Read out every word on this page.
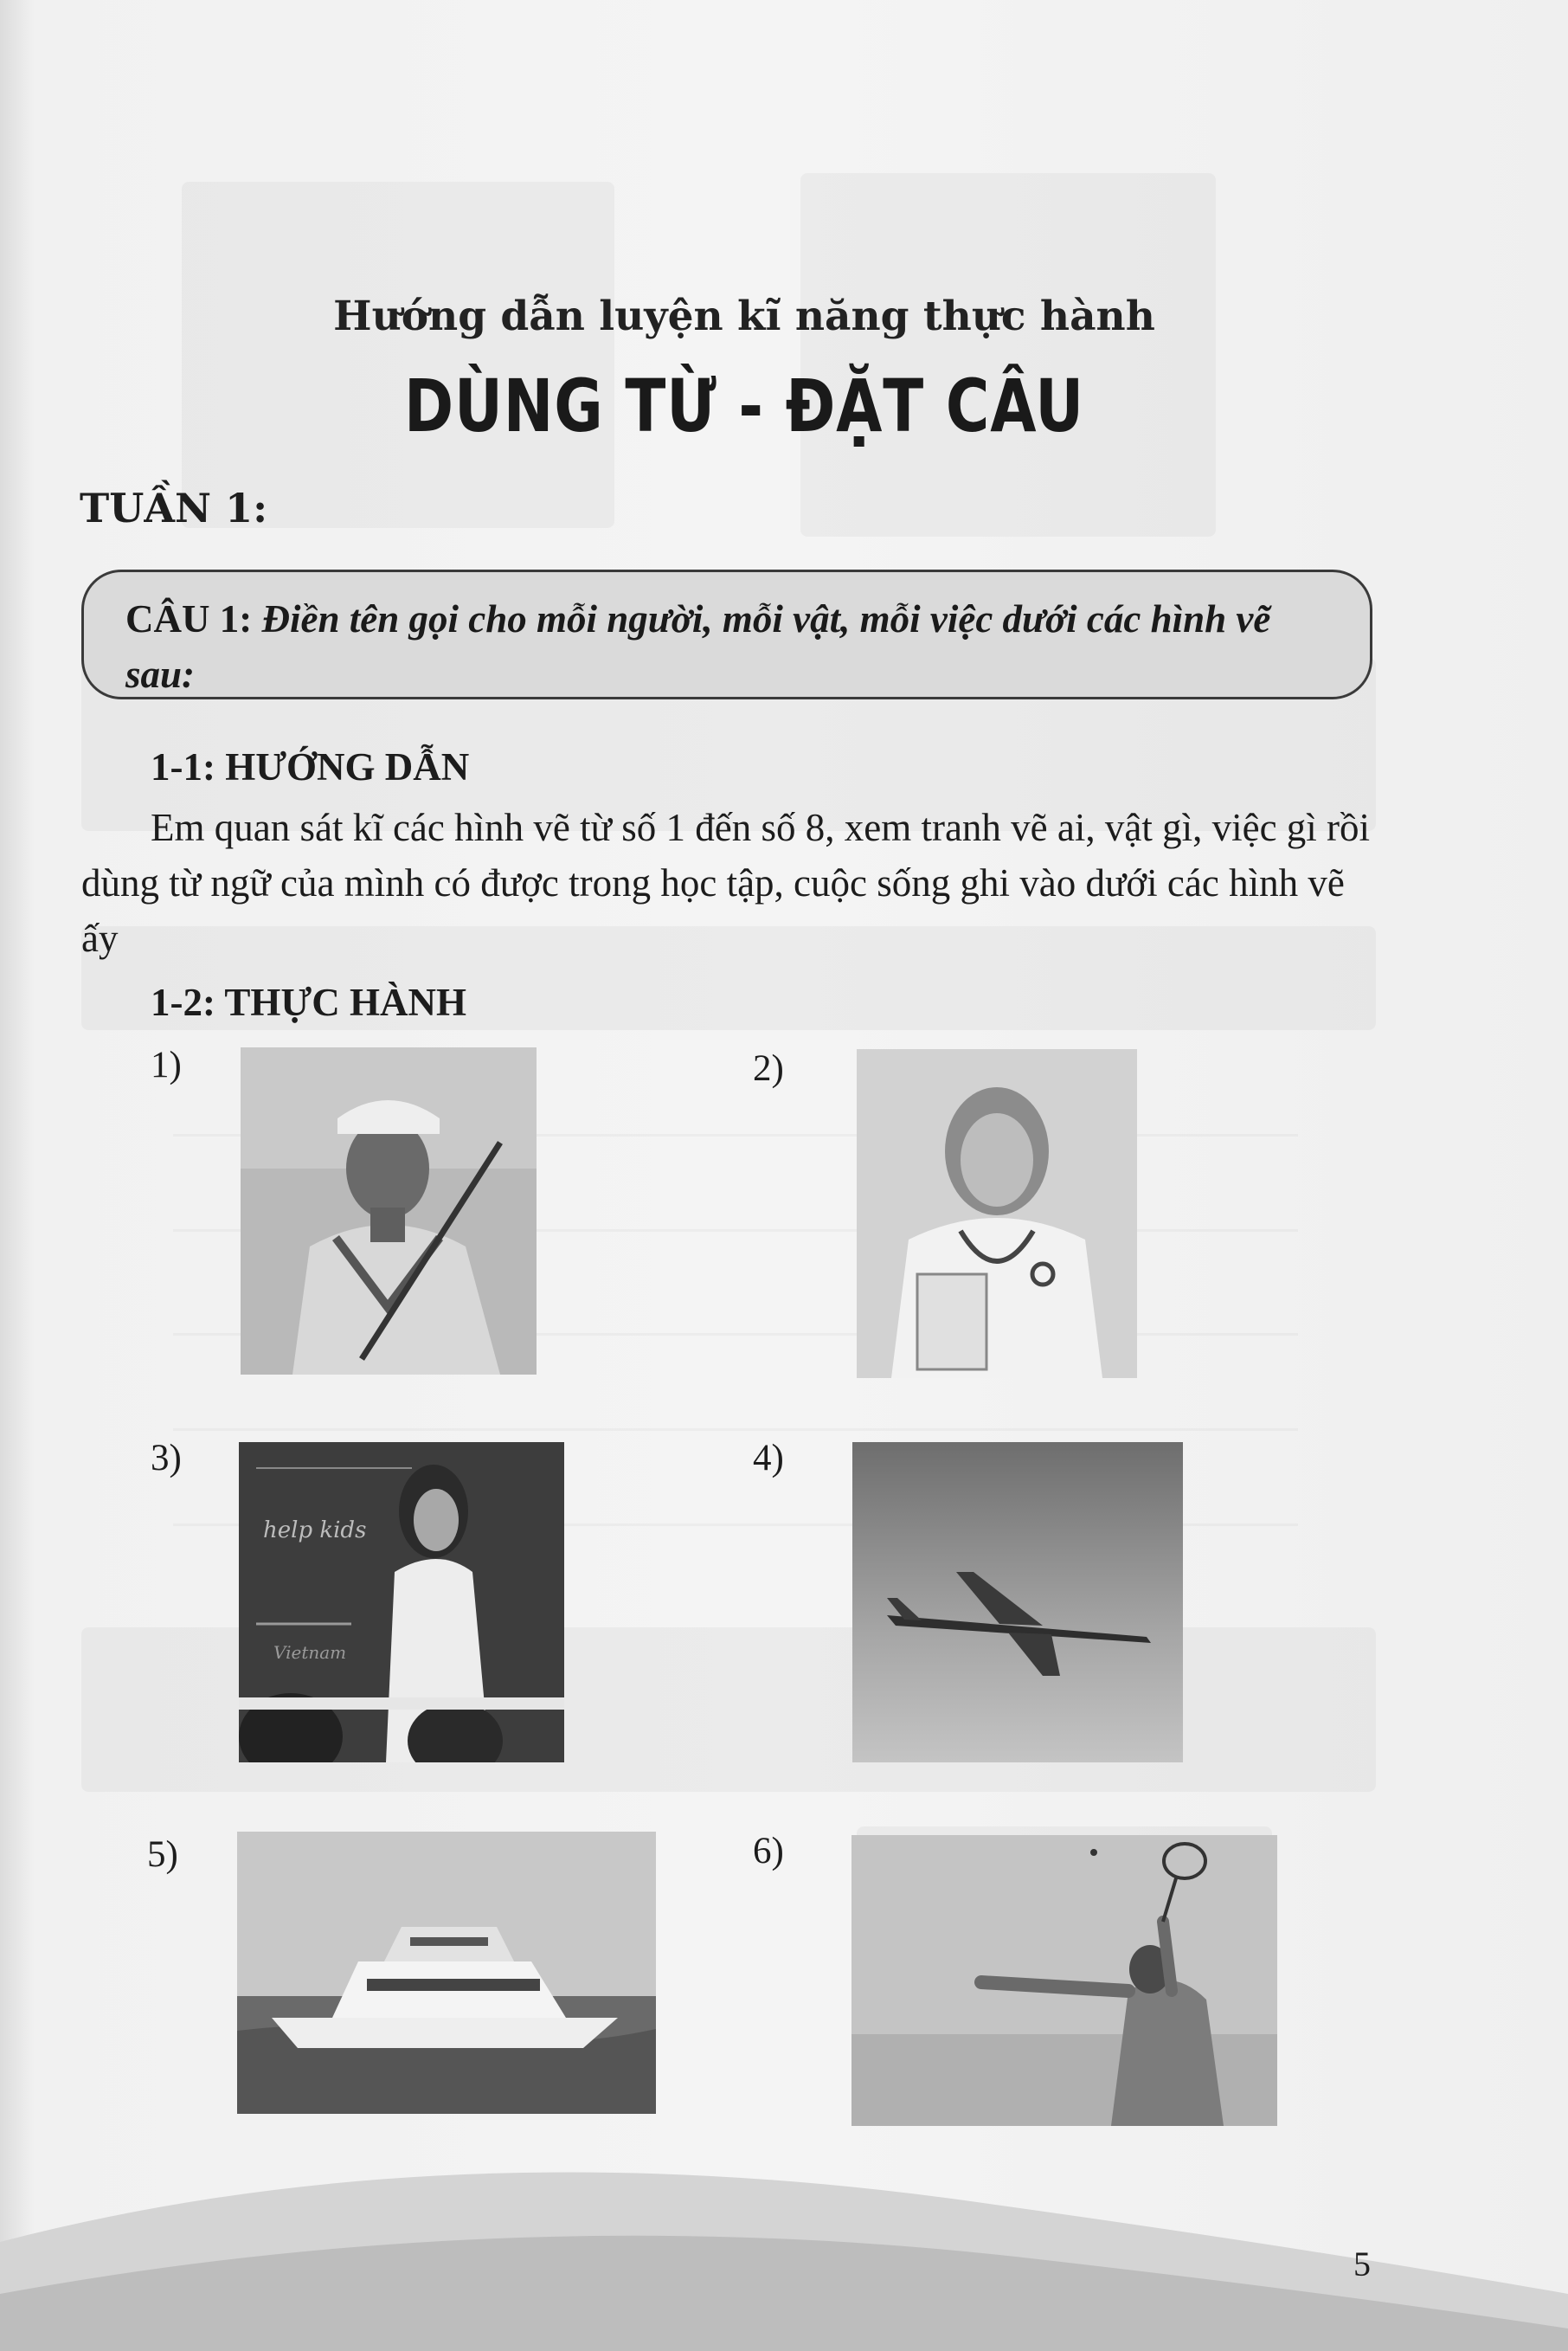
Hướng dẫn luyện kĩ năng thực hành
DÙNG TỪ - ĐẶT CÂU
TUẦN 1:
CÂU 1: Điền tên gọi cho mỗi người, mỗi vật, mỗi việc dưới các hình vẽ sau:
1-1: HƯỚNG DẪN
Em quan sát kĩ các hình vẽ từ số 1 đến số 8, xem tranh vẽ ai, vật gì, việc gì rồi dùng từ ngữ của mình có được trong học tập, cuộc sống ghi vào dưới các hình vẽ ấy
1-2: THỰC HÀNH
1)	2)
3)	4)
5)	6)
help kids
Vietnam
5
